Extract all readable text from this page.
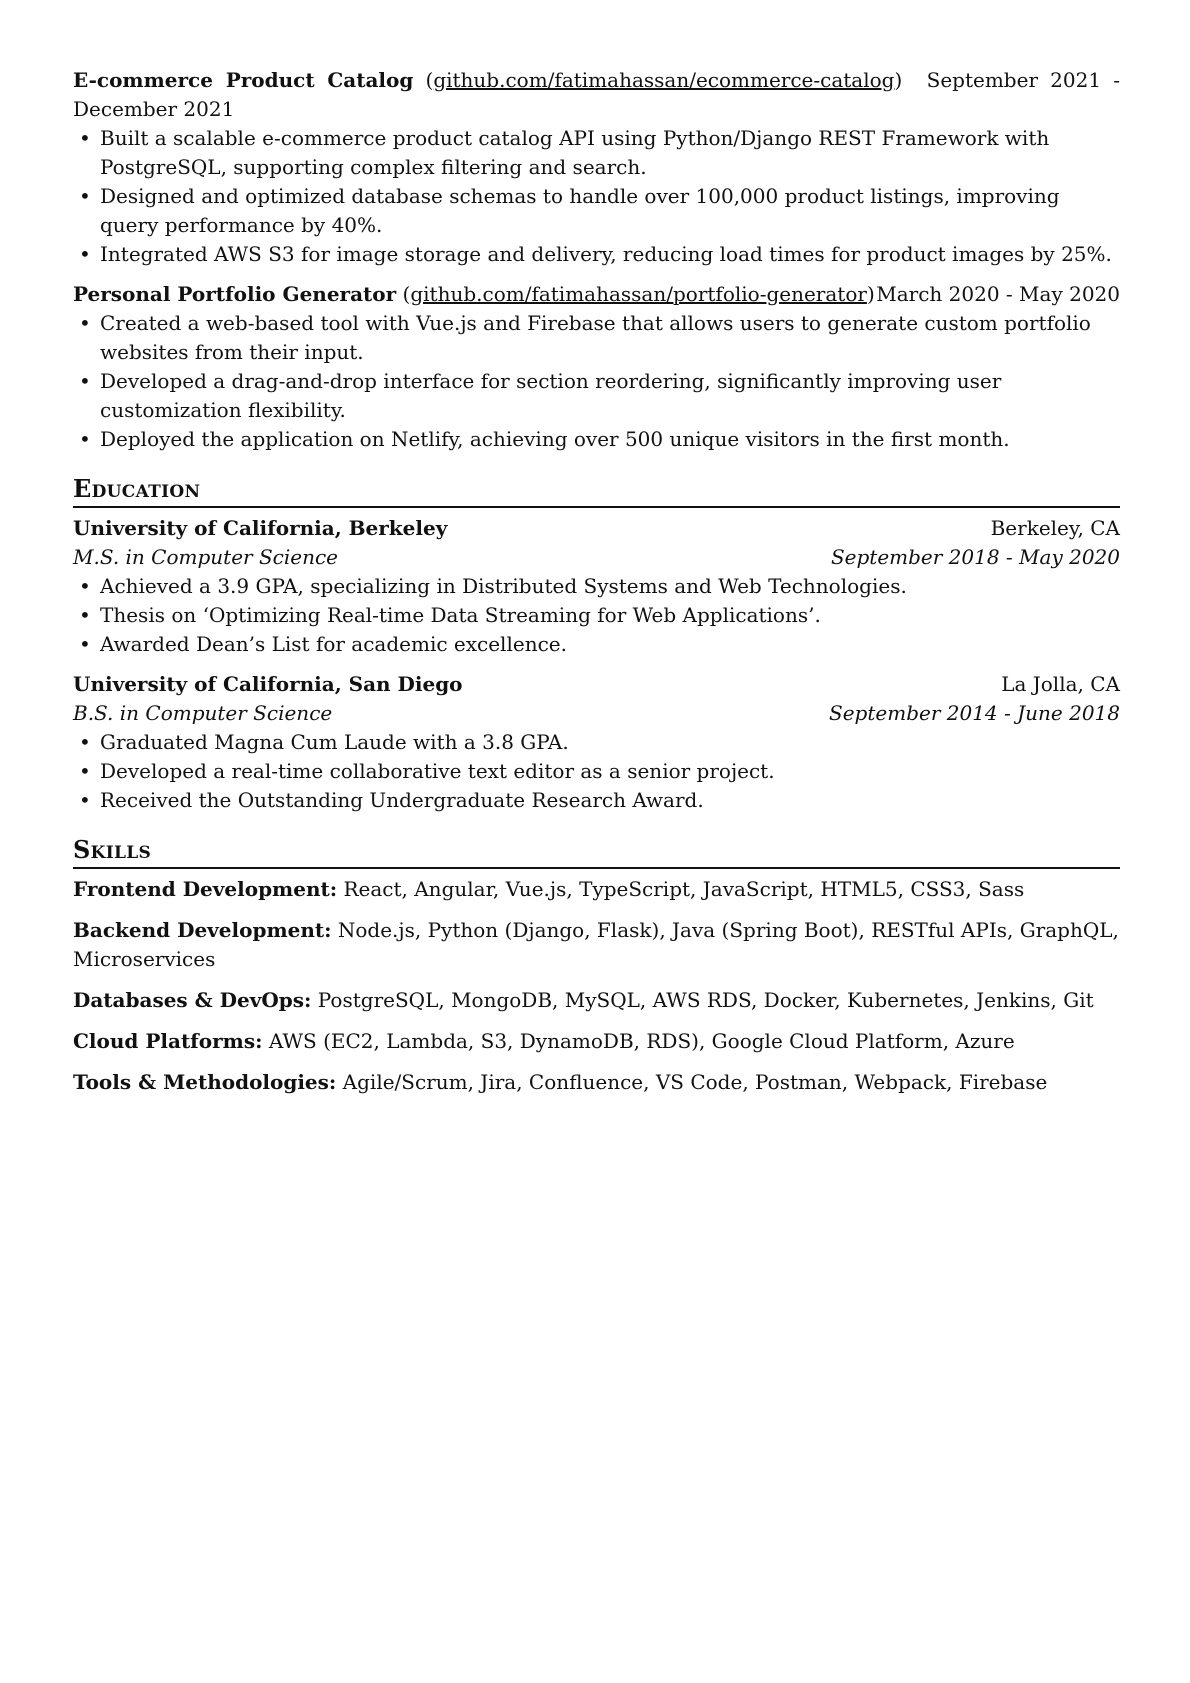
E-commerce Product Catalog (github.com/fatimahassan/ecommerce-catalog) September 2021 - December 2021
• Built a scalable e-commerce product catalog API using Python/Django REST Framework with PostgreSQL, supporting complex filtering and search.
• Designed and optimized database schemas to handle over 100,000 product listings, improving query performance by 40%.
• Integrated AWS S3 for image storage and delivery, reducing load times for product images by 25%.
Personal Portfolio Generator (github.com/fatimahassan/portfolio-generator) March 2020 - May 2020
• Created a web-based tool with Vue.js and Firebase that allows users to generate custom portfolio websites from their input.
• Developed a drag-and-drop interface for section reordering, significantly improving user customization flexibility.
• Deployed the application on Netlify, achieving over 500 unique visitors in the first month.
Education
University of California, Berkeley	Berkeley, CA
M.S. in Computer Science	September 2018 - May 2020
• Achieved a 3.9 GPA, specializing in Distributed Systems and Web Technologies.
• Thesis on ‘Optimizing Real-time Data Streaming for Web Applications’.
• Awarded Dean’s List for academic excellence.
University of California, San Diego	La Jolla, CA
B.S. in Computer Science	September 2014 - June 2018
• Graduated Magna Cum Laude with a 3.8 GPA.
• Developed a real-time collaborative text editor as a senior project.
• Received the Outstanding Undergraduate Research Award.
Skills
Frontend Development: React, Angular, Vue.js, TypeScript, JavaScript, HTML5, CSS3, Sass
Backend Development: Node.js, Python (Django, Flask), Java (Spring Boot), RESTful APIs, GraphQL, Microservices
Databases & DevOps: PostgreSQL, MongoDB, MySQL, AWS RDS, Docker, Kubernetes, Jenkins, Git
Cloud Platforms: AWS (EC2, Lambda, S3, DynamoDB, RDS), Google Cloud Platform, Azure
Tools & Methodologies: Agile/Scrum, Jira, Confluence, VS Code, Postman, Webpack, Firebase
